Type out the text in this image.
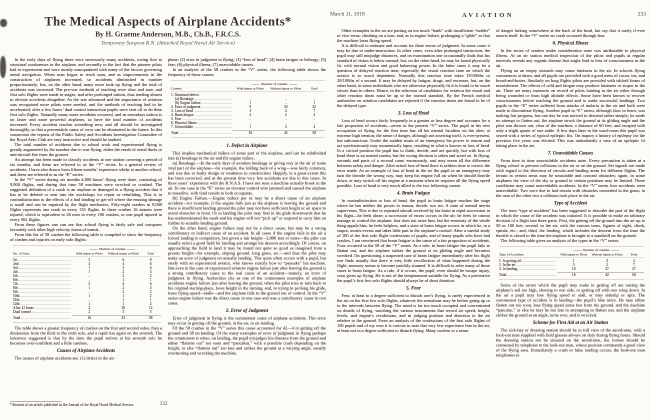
March 11, 1918	AVIATION	233
The Medical Aspects of Airplane Accidents*
By H. Graeme Anderson, M.B., Ch.B., F.R.C.S.
Temporary Surgeon R.N. (Attached Royal Naval Air Service)

In the early days of flying there were necessarily many accidents, owing first to structural weaknesses in the airplane, and secondly to the fact that the pioneer pilots had to experiment and were mostly unacquainted with many of the factors governing aerial navigation. When man began to teach man, and as improvements in the construction of airplanes increased, so accidents diminished in number proportionately; but, on the other hand, many more took up flying and the total of accidents was increased. The pre-war methods of teaching were slow and sure, and first solo flights were made in stages, and after prolonged tuition, thus tending almost to obviate accidents altogether. As the war advanced and the importance of aviation was recognized more pilots were needed, and the methods of teaching had to be accelerated; after a few hours’ dual control instruction pupils were sent off to do their first solo flights. Naturally many more accidents occurred, and as nowadays tuition is on faster and more powerful airplanes, so have the total number of accidents increased. Every accident teaches something new, and all should be investigated thoroughly, so that a preventable cause of error can be eliminated in the future. In this connection the reports of the Public Safety and Accidents Investigation Committee of the Royal Aero Club are very instructive and should be studied.

The total number of accidents due to school work and experimental flying is greatly augmented by the number due to war flying, either the result of aerial duels or anti-aircraft fire from the ground.

An attempt has been made to classify accidents at one station covering a period of six months, and these are referred to as the “V” series. In a general review of accidents, I have also drawn from fifteen months’ experience whilst at another school, and these are referred to as the “E” series.

In the “V” series during six months 4,000 hours’ flying were done, consisting of 9,000 flights, and during that time 58 machines were wrecked or crashed. The suggested definition of a crash is an airplane so damaged in a flying accident that it has to be deleted or sent into the workshops for repair or rebuilding. This is in contradistinction to the effects of a bad landing or get-off where the ensuing damage is small and can be repaired by the flight mechanics. Fifty-eight crashes in 9,000 flights represents one crash in every 155 flights. In these crashes 16 airmen were injured, which is equivalent to 26 men in every 100 crashes, or one pupil injured in every 562 flights.

From these figures one can see that school flying is fairly safe and compares favorably with other high velocity forms of transit.

From this list of 58 crashes the following table is compiled to show the frequency of crashes and injuries on early solo flights:

Number of crashes
No. of Solo.	With injury to Pilots Without injury to Pilots	Total
1st	3	6	9
2nd	2	4	6
3rd	1	3	4
4th	1	2	3
5th	..	2	2
6th	..	1	1
7th	2	4	6
8th	1	2	3
9th	..	2	2
10th	1	1	2
11th	..	1	1
12th	1	1	2
After 12 hours	2	10	12
Dual control	2	3	5
Total	16	42	58

The table shows a greater frequency of crashes on the first and second solos, then a diminution from the third to the sixth solo, and a rapid rise again on the seventh. The inference suggested is that by the time the pupil arrives at his seventh solo he becomes over-confident and a little careless.

Causes of Airplane Accidents

The causes of airplane accidents are: (1) defect in the air-

*Abstract of an article published in the Journal of the Royal Naval Medical Service.

plane; (2) error in judgment in flying; (3) “loss of head”; (4) brain fatigue or lethargy; (5) fear; (6) physical illness; (7) unavoidable causes.

In an analysis of the 58 crashes in the “V” series, the following table shows the frequency of those causes:

Number of crashes
Causes:	With injury to Pilots Without injury to Pilots	Total
1. Structural defect:
(a) Breakage	..	..	..
(b) Engine failure	1	..	1
2. Error of judgment	9	33	42
3. Loss of head	3	4	7
4. Brain fatigue	2	2	4
5. Fear	..	..	..
6. Physical illness	..	..	..
7. Unavoidable	1	3	4
Total	16	42	58
1. Defect in Airplane

This implies mechanical failure of some part of the airplane, and can be subdivided into (a) breakage in the air and (b) engine failure.

(a) Breakage.—In the early days of aviation breakage or giving way in the air of some vital part of the airplane—for example, the folding back of a wing—was fairly common, and was due to faulty design or weakness in construction. Happily, to a great extent this has been corrected, and at the present time very few accidents are due to this cause. In three years’ experience with the R.N.A.S. I have not seen a machine actually break in the air. In one case in the “E” series an elevator control wire jammed and caused the airplane to nosedive, with fatal results to both occupants.

(b) Engine Failure.—Engine failure per se may be a direct cause of an airplane accident—for example, if the engine fails just as the airplane is leaving the ground and there is insufficient landing ground the pilot may not have sufficient height or air space to avoid obstacles in front. Or in landing the pilot may find in his glide downwards that he has underestimated the mark and his engine will not “pick up” or respond to carry him on further to suitable landing ground.

On the other hand, engine failure may not be a direct cause, but may be a strong contributory or indirect cause of an accident. In all cases if the engine fails in the air a forced landing is compulsory, but given a fair height—2,000 feet or more—the pilot can usually select a good field for landing and arrange his descent accordingly. Of course, on approaching the field to land it may be found not quite so good as imagined from a greater height—for example, sloping ground, long grass, etc.—and thus the pilot may make an error of judgment on actually landing. This quite often occurs with a pupil, but rarely with an experienced aviator, who knows exactly how to “pancake” his machine. But even in the case of experienced aviators engine failure just after leaving the ground is a strong contributory cause to the real cause of an accident—namely, an error of judgment in flying. Authorities cite as one of the commonest examples of airplane accidents engine failure just after leaving the ground, when the pilot tries to turn back to his original starting-place, loses height in the turning, and, in trying to prolong his glide, loses flying speed—stalls—and the airplane falls to the ground out of control. In the “V” series engine failure was the direct cause in one case and was a contributory cause in two cases.

2. Error of Judgment

Error of judgment in flying is the commonest cause of airplane accidents. This error may occur in getting off the ground, in the air, or on landing.

Of the 58 crashes in the “V” series this cause accounted for 42—4 in getting off the ground and 38 on landing. Of the many examples of error of judgment in flying perhaps the commonest is when, on landing, the pupil misjudges his distance from the ground and either “flattens out” too soon and “pancakes,” with a possible crash depending on the height, or else “flattens out” too late and strikes the ground at a varying angle, usually overturning and wrecking the machine.

Other examples in the air are putting on too much “bank” with insufficient “rudder” or vice versa; climbing on a turn; and, as in engine failure, prolonging a “glide” so that the machine loses flying speed.

It is difficult to estimate and account for these errors of judgment. In some cases it may be due to under-instruction. In other cases, even after prolonged instruction, the pupil may still misjudge distances, and on examination one occasionally finds that his standard of vision is below normal; but, on the other hand, he may be found physically fit, with normal vision and good balancing power. In the latter cases it may be a question of delayed reaction time, especially the visual reaction time on which the aviator is so much dependent. Normally this reaction time takes 19/100ths or 20/100ths of a second. It may be delayed by fatigue, drugs, and excesses; but, on the other hand, in some individuals who are otherwise physically fit it is found to be much slower than in others. Hence, in the selection of candidates for aviation the visual and other reaction times must be up to the normal standard. By the French medical authorities on aviation candidates are rejected if the reaction times are found to be of the delayed type.

3. Loss of Head

Loss of head occurs fairly frequently in a greater or less degree and accounts for a fair proportion of accidents—seven in the present “V” series. The pupil in his new occupation of flying for the first time has all his mental faculties on the alert, at extreme high tension; the sense of danger, although not asserting itself, is ever-present, but subconscious. Under the sudden strain of an emergency his power to reason and act synchronously may momentarily lapse, resulting in what is known as loss of head. In a critical position the pupil has to think, decide, and act quickly, but with loss of head there is no mental inertia, but the wrong decision is taken and acted on. In flying, seconds and parts of a second count enormously, and may mean all the difference between safety and danger. After actual loss of head there is seldom time to correct the error made. As an example of loss of head in the air the pupil in an emergency may turn the throttle the wrong way, may keep his engine full on when he should throttle down, or may switch off his engine at a moment when he requires all the flying speed possible. Loss of head is very much allied to the two following causes.

4. Brain Fatigue

In contradistinction to loss of head, the pupil in brain fatigue reaches the stage where he has neither the power to reason, decide, nor act. A state of mental inertia supervenes. This is due to repeated stimuli received by his brain in rapid succession in his flight—he feels alone; a succession of errors occurs in the air; he feels he cannot manage to control the airplane; fear does not seize him, but the enormity of the whole thing appals him; he feels helpless, and a state of brain fatigue occurs in which he, in a stupor, awaits events and takes little part in the airplane’s control. After a careful study of 100 of the first solo flight confessions of pupils, and of many pupils who have had crashes, I am convinced that brain fatigue is the cause of a fair proportion of accidents. Four occurred in the 58 of the “V” series. As a rule, in brain fatigue the pupil fails to flatten out, and the airplane strikes the ground at its gliding angle and becomes wrecked. On questioning a suspected case of brain fatigue immediately after his flight one finds usually that there is very little recollection of what happened during the flight; memory seems to become patchily stunned. It is difficult to refer many of these cases to brain fatigue. As a rule, if it occurs, the pupil, even should he escape injury, soon gives up flying. He is not of the temperament suitable for flying. As a preventive the pupil’s first few solo flights should always be of short duration.

5. Fear

Fear, at least in a degree sufficient to disturb one’s flying, is rarely experienced in the air on the first few solo flights, whatever the sensations may be before going up or in the intervals between flying. The mind is far too much occupied and concentrated on details of flying, watching the various instruments that record air speed, height, levels, and engine’s revolutions, and in judging position and direction in the air relative to the ground. From an analysis of the confessions of the first solo flights of 100 pupils and of my own it is curious to note that very few experience fear in the air, at least not in a degree sufficient to disturb flying. Many confess to a sense

of danger lurking somewhere at the back of the head, but say that it rarely if ever asserts itself. In the “V” series no crash occurred through fear.

6. Physical Illness

In the series of crashes under consideration none was attributable to physical illness. At an air station medical inspection of the pilots and pupils at regular intervals reveals any organic disease that might lead to loss of consciousness in the air.

Flying on an empty stomach may cause faintness in the air. In schools flying commences at dawn, and all pupils are provided with a good mess of cocoa, tea, and bread-and-butter. Similarly on long flights pilots are provided with tabloid forms of nourishment. The effects of cold and fatigue may produce faintness or stupor in the air. There are many instances on record of pilots fainting in the air either through being wounded or from high altitude effects. Some have been known to recover consciousness before reaching the ground and to make successful landings. Two pupils in the “E” series suffered from attacks of malaria in the air and both were made to discontinue flying. Another pupil in “E” series, although slow to learn, was making fair progress, but one day he was noticed to descend rather steeply; he made no attempt to flatten out, the airplane struck the ground at its gliding angle and the pilot was thrown out, clear of the machine, a distance of 60 feet, and escaped with only a slight sprain of one ankle. A few days later in the ward-room this pupil was seized with a series of typical epileptic fits. On inquiry a history of epilepsy for the previous five years was elicited. This was undoubtedly a case of an epileptic fit taking place in the air.

7. Unavoidable Causes

From time to time unavoidable accidents arise. Every precaution is taken at a flying school to prevent collisions in the air or on the ground. Set signals are made with regard to the direction of circuits and landing areas for different flights. The terrain in certain areas may be unsuitable and conceal obstacles; again, in some airplanes the view of the sky or ground in certain positions may be limited. These conditions may cause unavoidable accidents. In the “V” series four accidents were unavoidable. Two were due to bad terrain with obstacles concealed in the grass; in the case of the other two a collision took place in the air.

Type of Accident

The term “type of accident” has been suggested to describe the part of the flight in which the cause of the accident was initiated. It is possible to make an arbitrary division of a flight into three parts: First, the getting off the ground into the air up to 50 or 100 feet; second, in the air, with the various turns, figures of eight, climb, spirals, etc.; and, third, the landing, which includes the descent from the time the throttle is closed to the time the airplane is brought to a standstill on the ground.

The following table gives an analysis of the types in the “V” series:

Number of crashes
Type of Accident:	With injury to Pilots Without injury to Pilots	Total
1. In getting off	1	3	4
2. In the air	5	2	7
3. In landing	10	37	47
Total	16	42	58

Some of the errors which the pupil may make in getting off are raising the airplane’s tail too high, slewing to one side, or getting off with one wing down. In the air a pupil may lose flying speed or stall, or may sideslip or spin. The commonest type of accident is in landing—the pupil’s bête noire. He may either flatten out too soon, lose flying speed some feet from the ground, and the machine “pancake,” or else he may be too late in attempting to flatten out, and the airplane strikes the ground at an angle, turns over, and is wrecked.

Scheme for First Aid at an Air Station

The sick-bay or dressing station should be in full view of the aerodrome, with a look-out man supplied with field glasses always on duty during flying hours. Should the dressing station not be situated on the aerodrome, the former should be connected by telephone to the look-out man, whose position commands a good view of the flying area. Immediately a crash or false landing occurs, the look-out man telephones to

232
